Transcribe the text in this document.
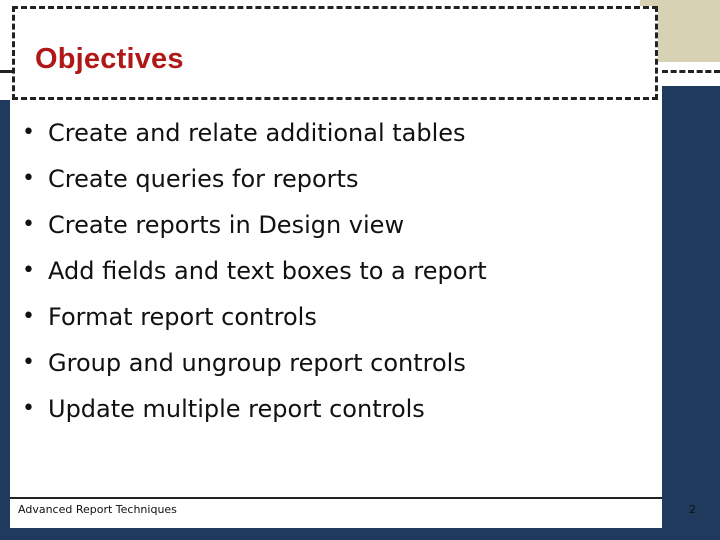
Objectives
• Create and relate additional tables
• Create queries for reports
• Create reports in Design view
• Add fields and text boxes to a report
• Format report controls
• Group and ungroup report controls
• Update multiple report controls
Advanced Report Techniques	2
